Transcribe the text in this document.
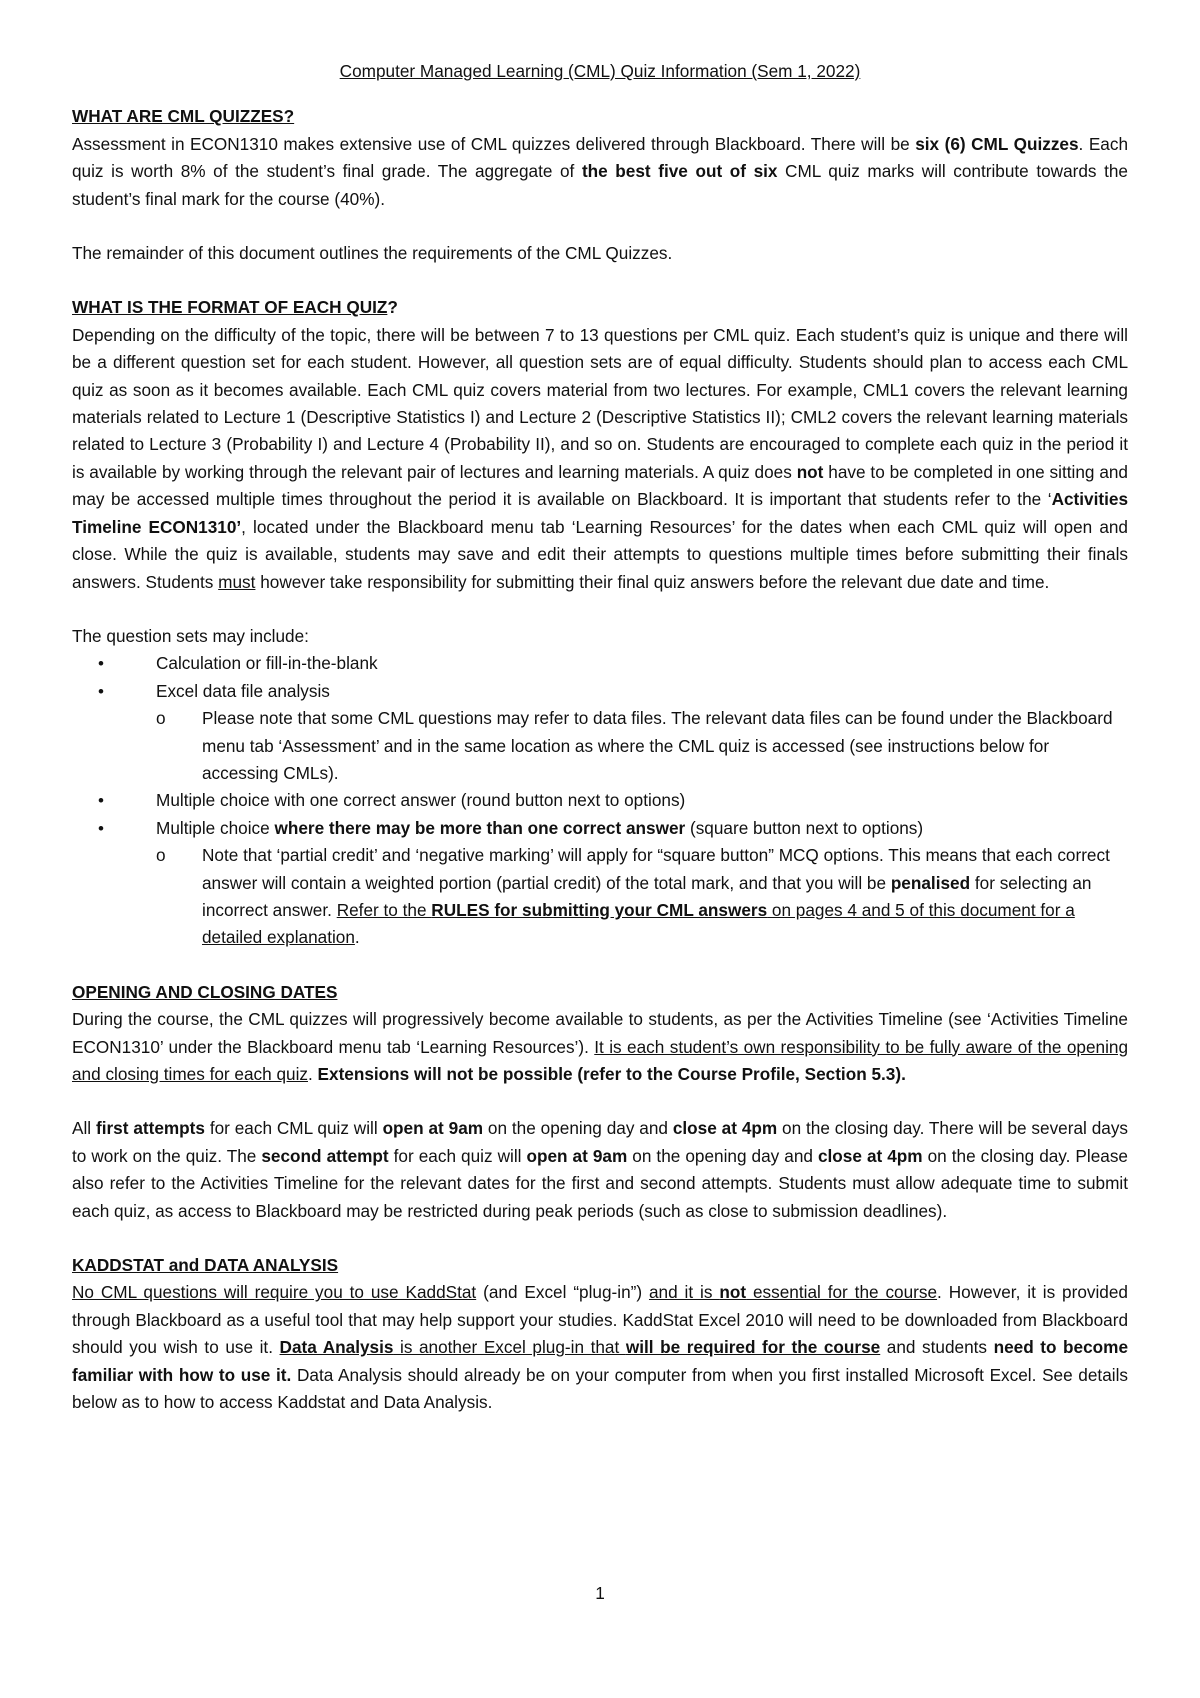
Computer Managed Learning (CML) Quiz Information (Sem 1, 2022)
WHAT ARE CML QUIZZES?

Assessment in ECON1310 makes extensive use of CML quizzes delivered through Blackboard. There will be six (6) CML Quizzes. Each quiz is worth 8% of the student’s final grade. The aggregate of the best five out of six CML quiz marks will contribute towards the student’s final mark for the course (40%).

The remainder of this document outlines the requirements of the CML Quizzes.

WHAT IS THE FORMAT OF EACH QUIZ?

Depending on the difficulty of the topic, there will be between 7 to 13 questions per CML quiz. Each student’s quiz is unique and there will be a different question set for each student. However, all question sets are of equal difficulty. Students should plan to access each CML quiz as soon as it becomes available. Each CML quiz covers material from two lectures. For example, CML1 covers the relevant learning materials related to Lecture 1 (Descriptive Statistics I) and Lecture 2 (Descriptive Statistics II); CML2 covers the relevant learning materials related to Lecture 3 (Probability I) and Lecture 4 (Probability II), and so on. Students are encouraged to complete each quiz in the period it is available by working through the relevant pair of lectures and learning materials. A quiz does not have to be completed in one sitting and may be accessed multiple times throughout the period it is available on Blackboard. It is important that students refer to the ‘Activities Timeline ECON1310’, located under the Blackboard menu tab ‘Learning Resources’ for the dates when each CML quiz will open and close. While the quiz is available, students may save and edit their attempts to questions multiple times before submitting their finals answers. Students must however take responsibility for submitting their final quiz answers before the relevant due date and time.

The question sets may include:

• Calculation or fill-in-the-blank
• Excel data file analysis
o Please note that some CML questions may refer to data files. The relevant data files can be found under the Blackboard menu tab ‘Assessment’ and in the same location as where the CML quiz is accessed (see instructions below for accessing CMLs).
• Multiple choice with one correct answer (round button next to options)
• Multiple choice where there may be more than one correct answer (square button next to options)
o Note that ‘partial credit’ and ‘negative marking’ will apply for “square button” MCQ options. This means that each correct answer will contain a weighted portion (partial credit) of the total mark, and that you will be penalised for selecting an incorrect answer. Refer to the RULES for submitting your CML answers on pages 4 and 5 of this document for a detailed explanation.
OPENING AND CLOSING DATES

During the course, the CML quizzes will progressively become available to students, as per the Activities Timeline (see ‘Activities Timeline ECON1310’ under the Blackboard menu tab ‘Learning Resources’). It is each student’s own responsibility to be fully aware of the opening and closing times for each quiz. Extensions will not be possible (refer to the Course Profile, Section 5.3).

All first attempts for each CML quiz will open at 9am on the opening day and close at 4pm on the closing day. There will be several days to work on the quiz. The second attempt for each quiz will open at 9am on the opening day and close at 4pm on the closing day. Please also refer to the Activities Timeline for the relevant dates for the first and second attempts. Students must allow adequate time to submit each quiz, as access to Blackboard may be restricted during peak periods (such as close to submission deadlines).

KADDSTAT and DATA ANALYSIS

No CML questions will require you to use KaddStat (and Excel “plug-in”) and it is not essential for the course. However, it is provided through Blackboard as a useful tool that may help support your studies. KaddStat Excel 2010 will need to be downloaded from Blackboard should you wish to use it. Data Analysis is another Excel plug-in that will be required for the course and students need to become familiar with how to use it. Data Analysis should already be on your computer from when you first installed Microsoft Excel. See details below as to how to access Kaddstat and Data Analysis.

1
